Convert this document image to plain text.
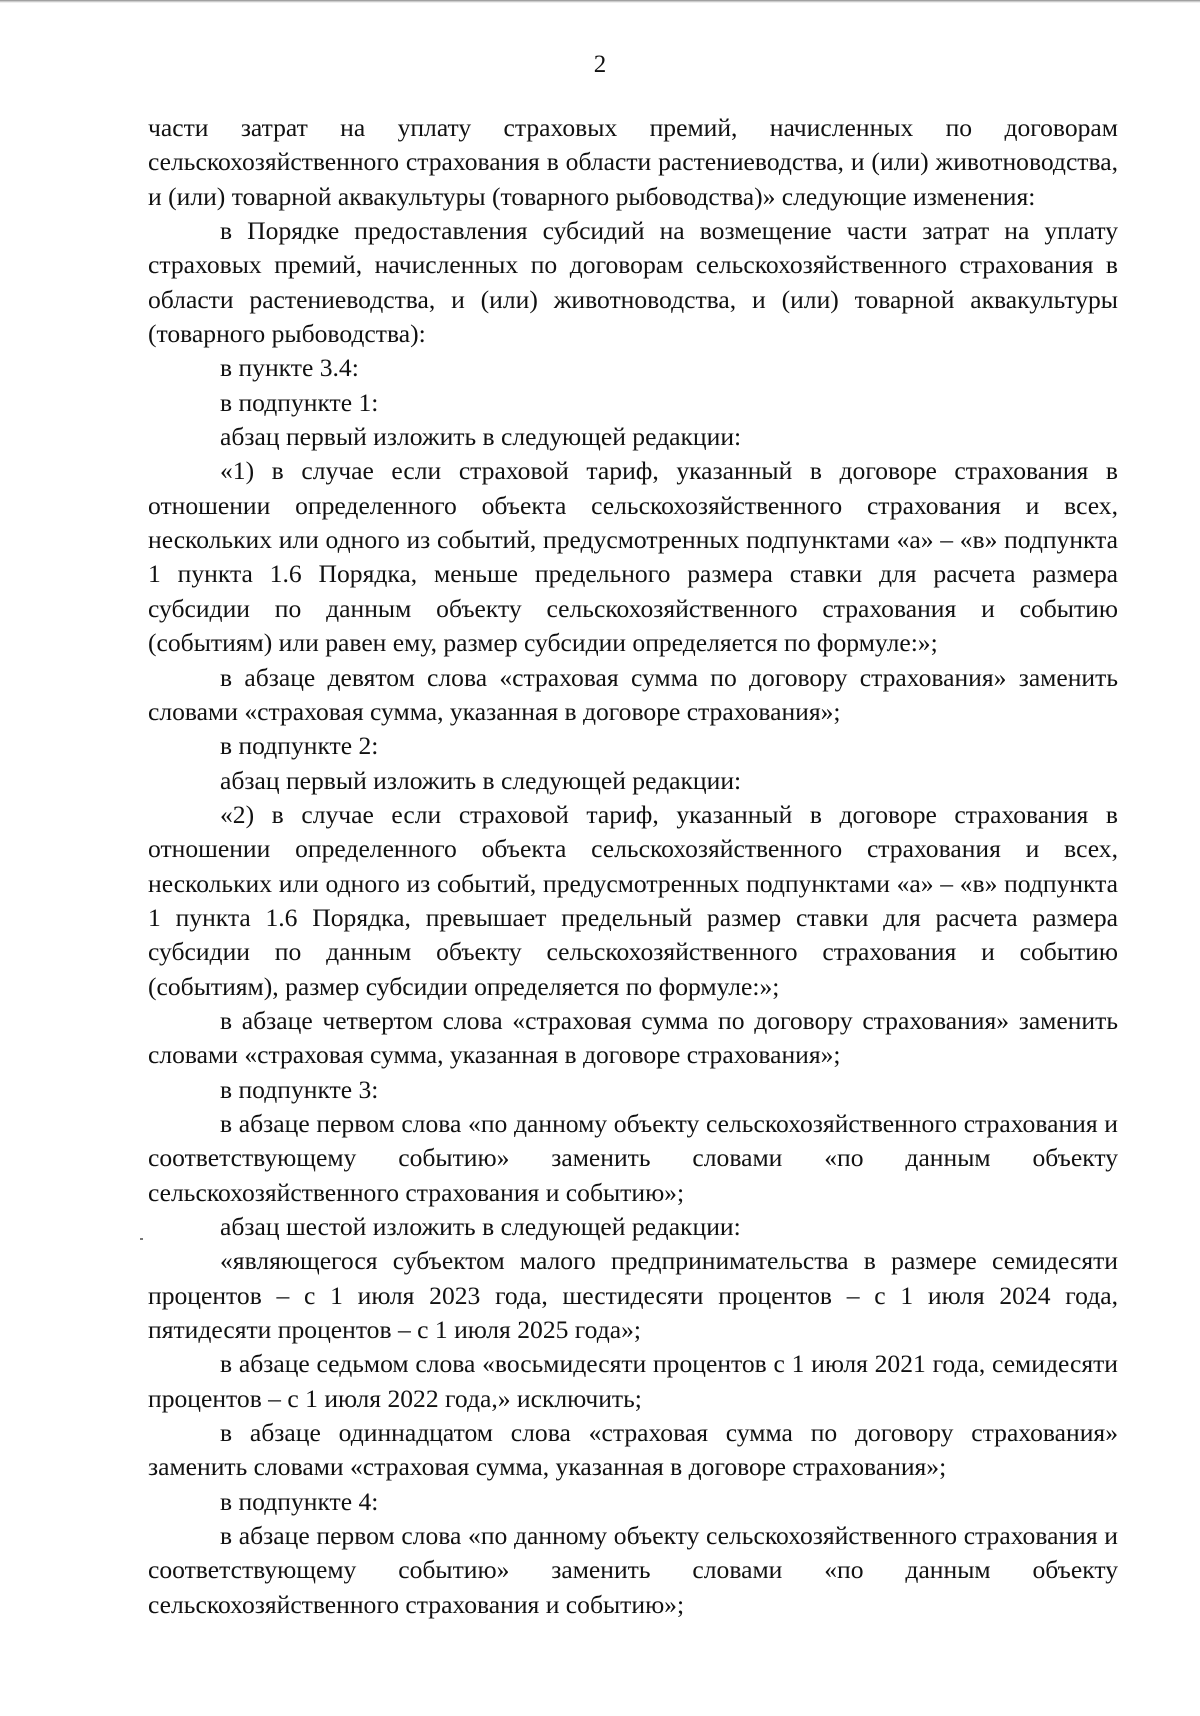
2

части затрат на уплату страховых премий, начисленных по договорам сельскохозяйственного страхования в области растениеводства, и (или) животноводства, и (или) товарной аквакультуры (товарного рыбоводства)» следующие изменения:

в Порядке предоставления субсидий на возмещение части затрат на уплату страховых премий, начисленных по договорам сельскохозяйственного страхования в области растениеводства, и (или) животноводства, и (или) товарной аквакультуры (товарного рыбоводства):

в пункте 3.4:

в подпункте 1:

абзац первый изложить в следующей редакции:

«1) в случае если страховой тариф, указанный в договоре страхования в отношении определенного объекта сельскохозяйственного страхования и всех, нескольких или одного из событий, предусмотренных подпунктами «а» – «в» подпункта 1 пункта 1.6 Порядка, меньше предельного размера ставки для расчета размера субсидии по данным объекту сельскохозяйственного страхования и событию (событиям) или равен ему, размер субсидии определяется по формуле:»;

в абзаце девятом слова «страховая сумма по договору страхования» заменить словами «страховая сумма, указанная в договоре страхования»;

в подпункте 2:

абзац первый изложить в следующей редакции:

«2) в случае если страховой тариф, указанный в договоре страхования в отношении определенного объекта сельскохозяйственного страхования и всех, нескольких или одного из событий, предусмотренных подпунктами «а» – «в» подпункта 1 пункта 1.6 Порядка, превышает предельный размер ставки для расчета размера субсидии по данным объекту сельскохозяйственного страхования и событию (событиям), размер субсидии определяется по формуле:»;

в абзаце четвертом слова «страховая сумма по договору страхования» заменить словами «страховая сумма, указанная в договоре страхования»;

в подпункте 3:

в абзаце первом слова «по данному объекту сельскохозяйственного страхования и соответствующему событию» заменить словами «по данным объекту сельскохозяйственного страхования и событию»;

абзац шестой изложить в следующей редакции:

«являющегося субъектом малого предпринимательства в размере семидесяти процентов – с 1 июля 2023 года, шестидесяти процентов – с 1 июля 2024 года, пятидесяти процентов – с 1 июля 2025 года»;

в абзаце седьмом слова «восьмидесяти процентов с 1 июля 2021 года, семидесяти процентов – с 1 июля 2022 года,» исключить;

в абзаце одиннадцатом слова «страховая сумма по договору страхования» заменить словами «страховая сумма, указанная в договоре страхования»;

в подпункте 4:

в абзаце первом слова «по данному объекту сельскохозяйственного страхования и соответствующему событию» заменить словами «по данным объекту сельскохозяйственного страхования и событию»;
